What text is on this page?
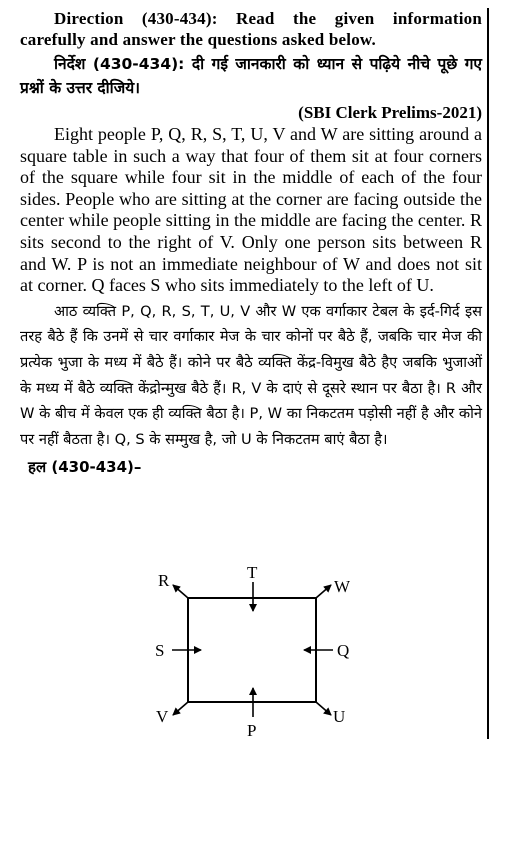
Direction (430-434): Read the given information carefully and answer the questions asked below.

निर्देश (430-434): दी गई जानकारी को ध्यान से पढ़िये नीचे पूछे गए प्रश्नों के उत्तर दीजिये।

(SBI Clerk Prelims-2021)

Eight people P, Q, R, S, T, U, V and W are sitting around a square table in such a way that four of them sit at four corners of the square while four sit in the middle of each of the four sides. People who are sitting at the corner are facing outside the center while people sitting in the middle are facing the center. R sits second to the right of V. Only one person sits between R and W. P is not an immediate neighbour of W and does not sit at corner. Q faces S who sits immediately to the left of U.

आठ व्यक्ति P, Q, R, S, T, U, V और W एक वर्गाकार टेबल के इर्द-गिर्द इस तरह बैठे हैं कि उनमें से चार वर्गाकार मेज के चार कोनों पर बैठे हैं, जबकि चार मेज की प्रत्येक भुजा के मध्य में बैठे हैं। कोने पर बैठे व्यक्ति केंद्र-विमुख बैठे हैए जबकि भुजाओं के मध्य में बैठे व्यक्ति केंद्रोन्मुख बैठे हैं। R, V के दाएं से दूसरे स्थान पर बैठा है। R और W के बीच में केवल एक ही व्यक्ति बैठा है। P, W का निकटतम पड़ोसी नहीं है और कोने पर नहीं बैठता है। Q, S के सम्मुख है, जो U के निकटतम बाएं बैठा है।

हल (430-434)–

R	W
V	U
T
S	Q
P
